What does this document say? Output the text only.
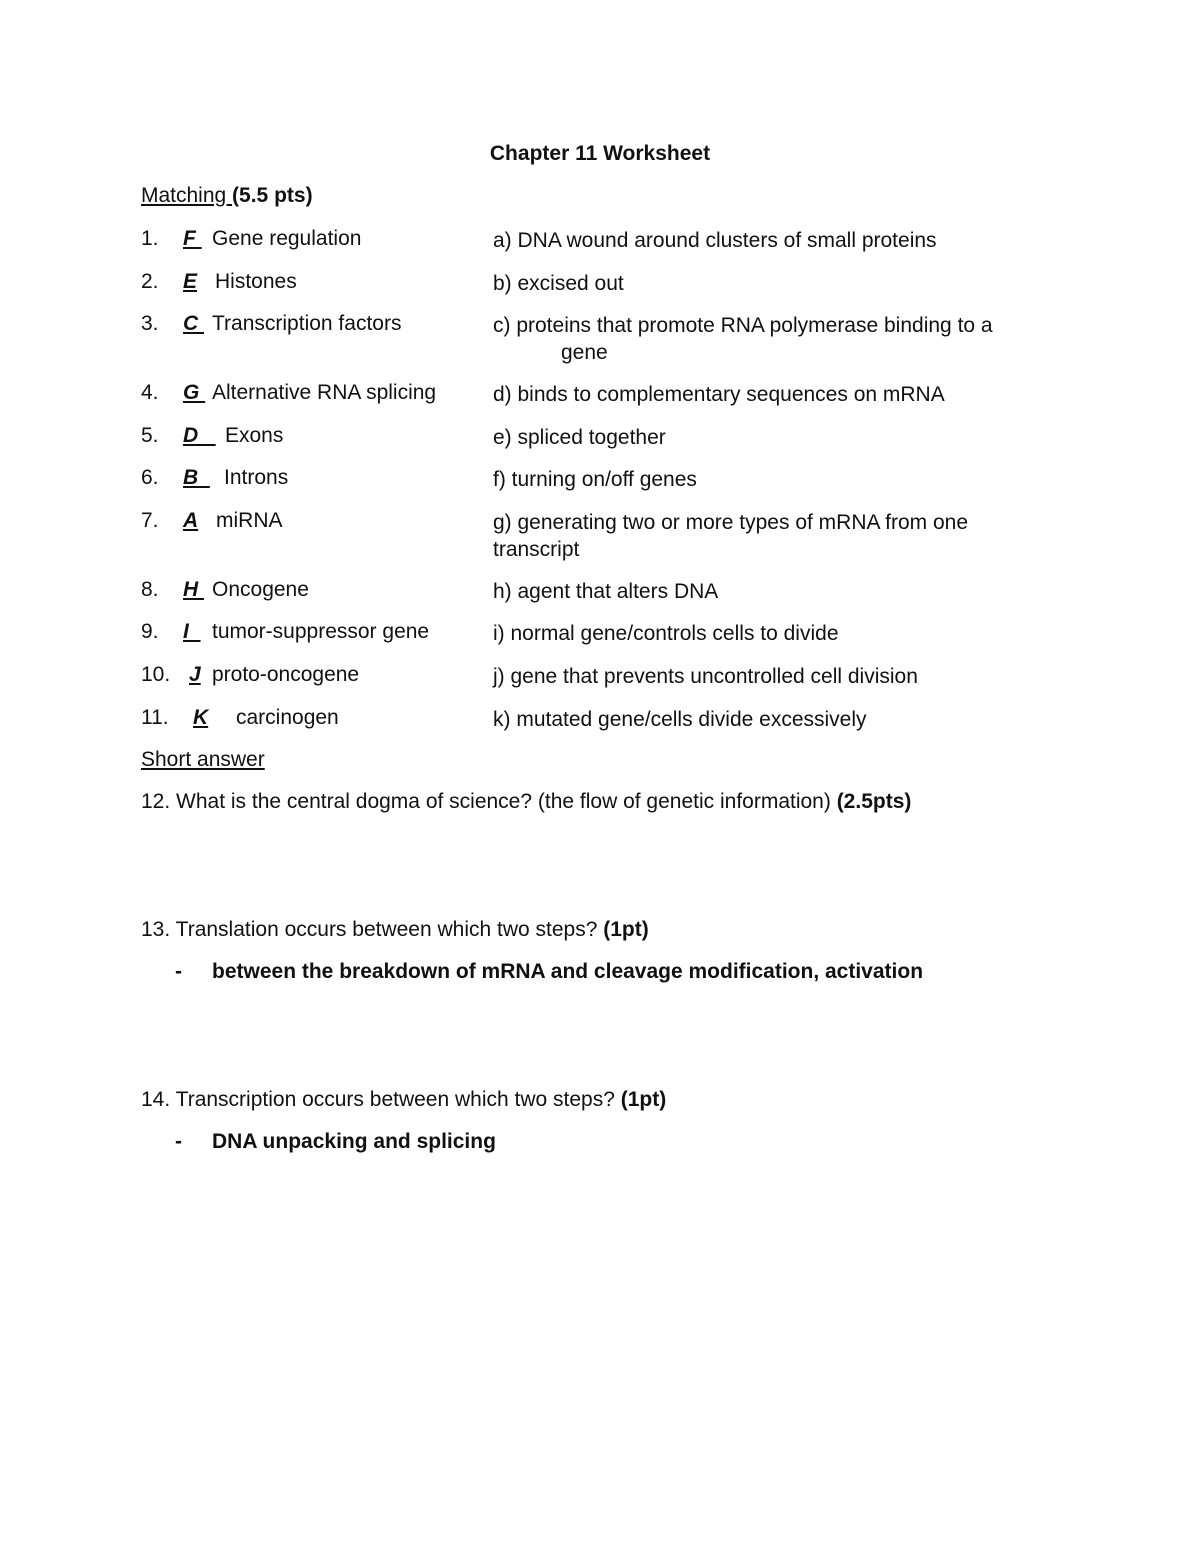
Chapter 11 Worksheet
Matching (5.5 pts)
1. F Gene regulation	a) DNA wound around clusters of small proteins
2. E Histones	b) excised out
3. C Transcription factors	c) proteins that promote RNA polymerase binding to a
gene
4. G Alternative RNA splicing	d) binds to complementary sequences on mRNA
5. D Exons	e) spliced together
6. B Introns	f) turning on/off genes
7. A miRNA	g) generating two or more types of mRNA from one
transcript
8. H Oncogene	h) agent that alters DNA
9. I tumor-suppressor gene	i) normal gene/controls cells to divide
10. J proto-oncogene	j) gene that prevents uncontrolled cell division
11. K carcinogen	k) mutated gene/cells divide excessively
Short answer
12. What is the central dogma of science? (the flow of genetic information) (2.5pts)
13. Translation occurs between which two steps? (1pt)
- between the breakdown of mRNA and cleavage modification, activation
14. Transcription occurs between which two steps? (1pt)
- DNA unpacking and splicing
